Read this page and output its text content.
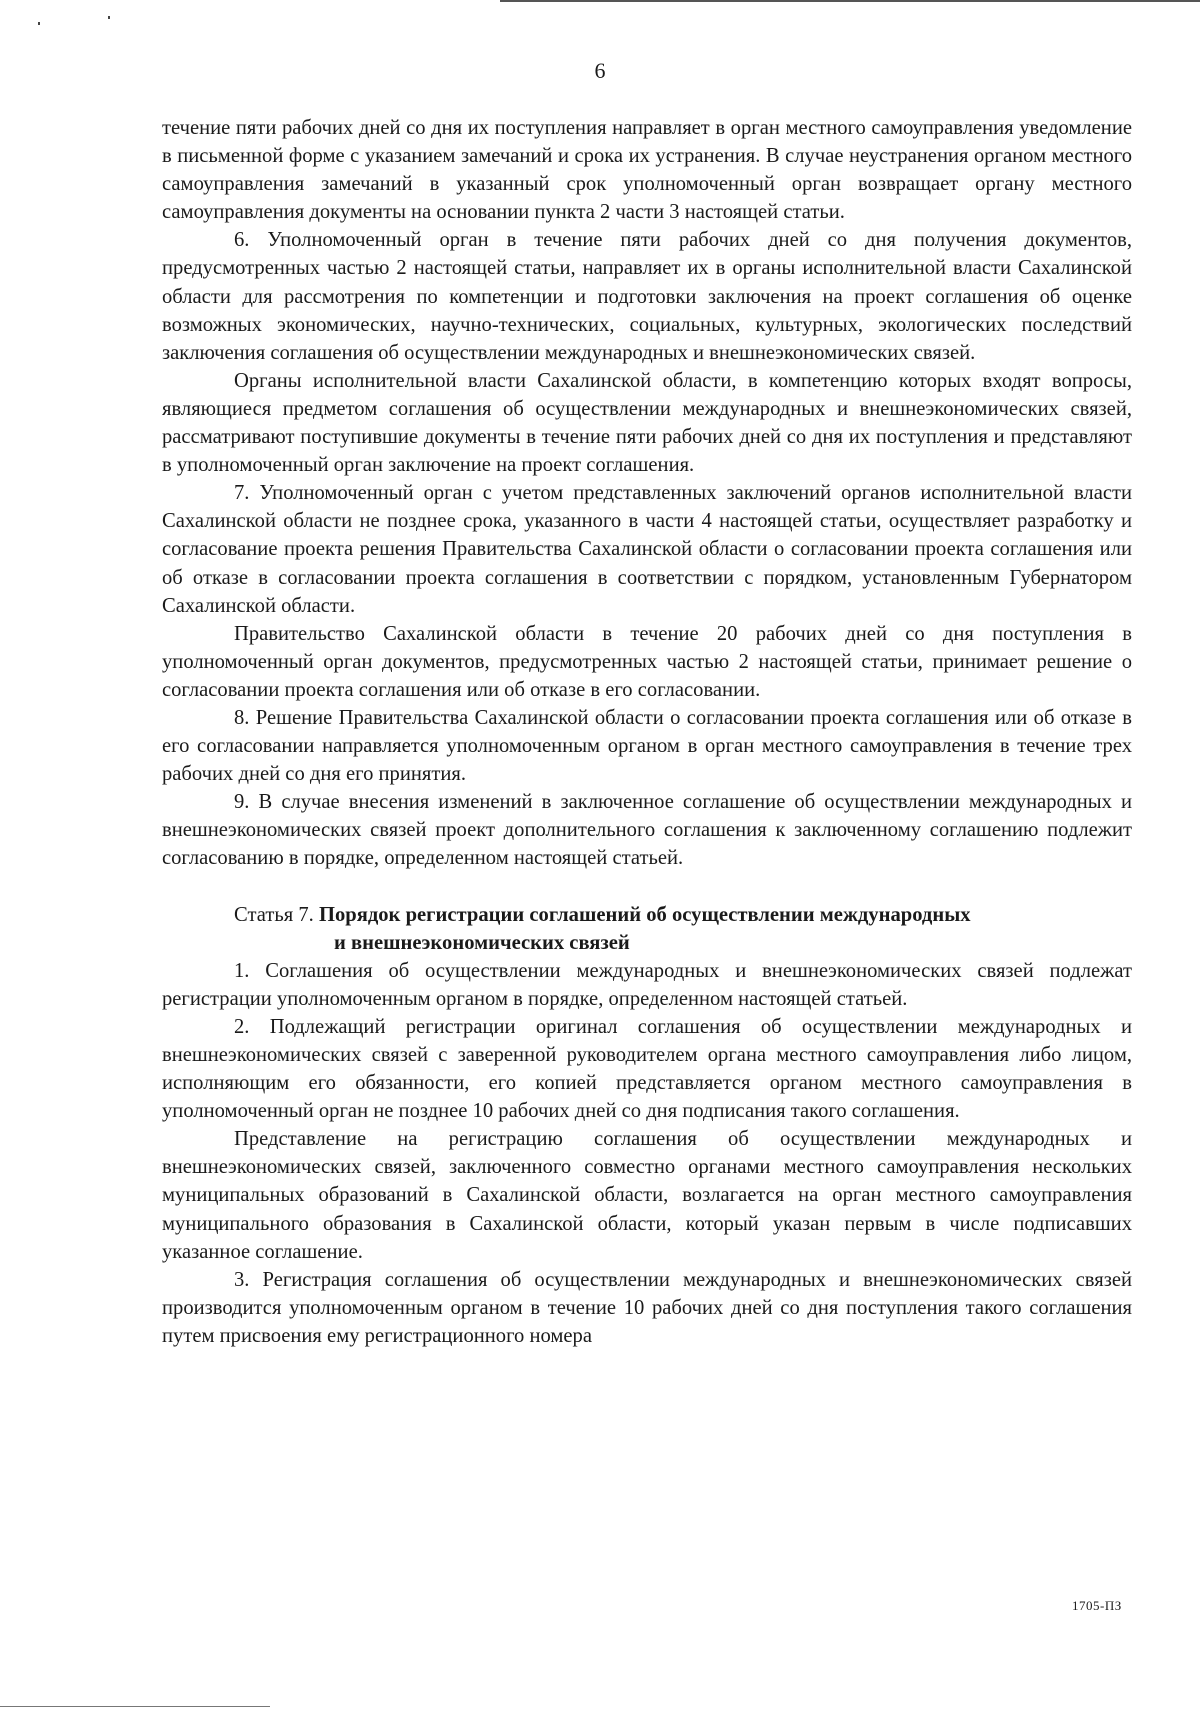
6

течение пяти рабочих дней со дня их поступления направляет в орган местного самоуправления уведомление в письменной форме с указанием замечаний и срока их устранения. В случае неустранения органом местного самоуправления замечаний в указанный срок уполномоченный орган возвращает органу местного самоуправления документы на основании пункта 2 части 3 настоящей статьи.

6. Уполномоченный орган в течение пяти рабочих дней со дня получения документов, предусмотренных частью 2 настоящей статьи, направляет их в органы исполнительной власти Сахалинской области для рассмотрения по компетенции и подготовки заключения на проект соглашения об оценке возможных экономических, научно-технических, социальных, культурных, экологических последствий заключения соглашения об осуществлении международных и внешнеэкономических связей.

Органы исполнительной власти Сахалинской области, в компетенцию которых входят вопросы, являющиеся предметом соглашения об осуществлении международных и внешнеэкономических связей, рассматривают поступившие документы в течение пяти рабочих дней со дня их поступления и представляют в уполномоченный орган заключение на проект соглашения.

7. Уполномоченный орган с учетом представленных заключений органов исполнительной власти Сахалинской области не позднее срока, указанного в части 4 настоящей статьи, осуществляет разработку и согласование проекта решения Правительства Сахалинской области о согласовании проекта соглашения или об отказе в согласовании проекта соглашения в соответствии с порядком, установленным Губернатором Сахалинской области.

Правительство Сахалинской области в течение 20 рабочих дней со дня поступления в уполномоченный орган документов, предусмотренных частью 2 настоящей статьи, принимает решение о согласовании проекта соглашения или об отказе в его согласовании.

8. Решение Правительства Сахалинской области о согласовании проекта соглашения или об отказе в его согласовании направляется уполномоченным органом в орган местного самоуправления в течение трех рабочих дней со дня его принятия.

9. В случае внесения изменений в заключенное соглашение об осуществлении международных и внешнеэкономических связей проект дополнительного соглашения к заключенному соглашению подлежит согласованию в порядке, определенном настоящей статьей.

Статья 7. Порядок регистрации соглашений об осуществлении международных
и внешнеэкономических связей

1. Соглашения об осуществлении международных и внешнеэкономических связей подлежат регистрации уполномоченным органом в порядке, определенном настоящей статьей.

2. Подлежащий регистрации оригинал соглашения об осуществлении международных и внешнеэкономических связей с заверенной руководителем органа местного самоуправления либо лицом, исполняющим его обязанности, его копией представляется органом местного самоуправления в уполномоченный орган не позднее 10 рабочих дней со дня подписания такого соглашения.

Представление на регистрацию соглашения об осуществлении международных и внешнеэкономических связей, заключенного совместно органами местного самоуправления нескольких муниципальных образований в Сахалинской области, возлагается на орган местного самоуправления муниципального образования в Сахалинской области, который указан первым в числе подписавших указанное соглашение.

3. Регистрация соглашения об осуществлении международных и внешнеэкономических связей производится уполномоченным органом в течение 10 рабочих дней со дня поступления такого соглашения путем присвоения ему регистрационного номера

1705-ПЗ
